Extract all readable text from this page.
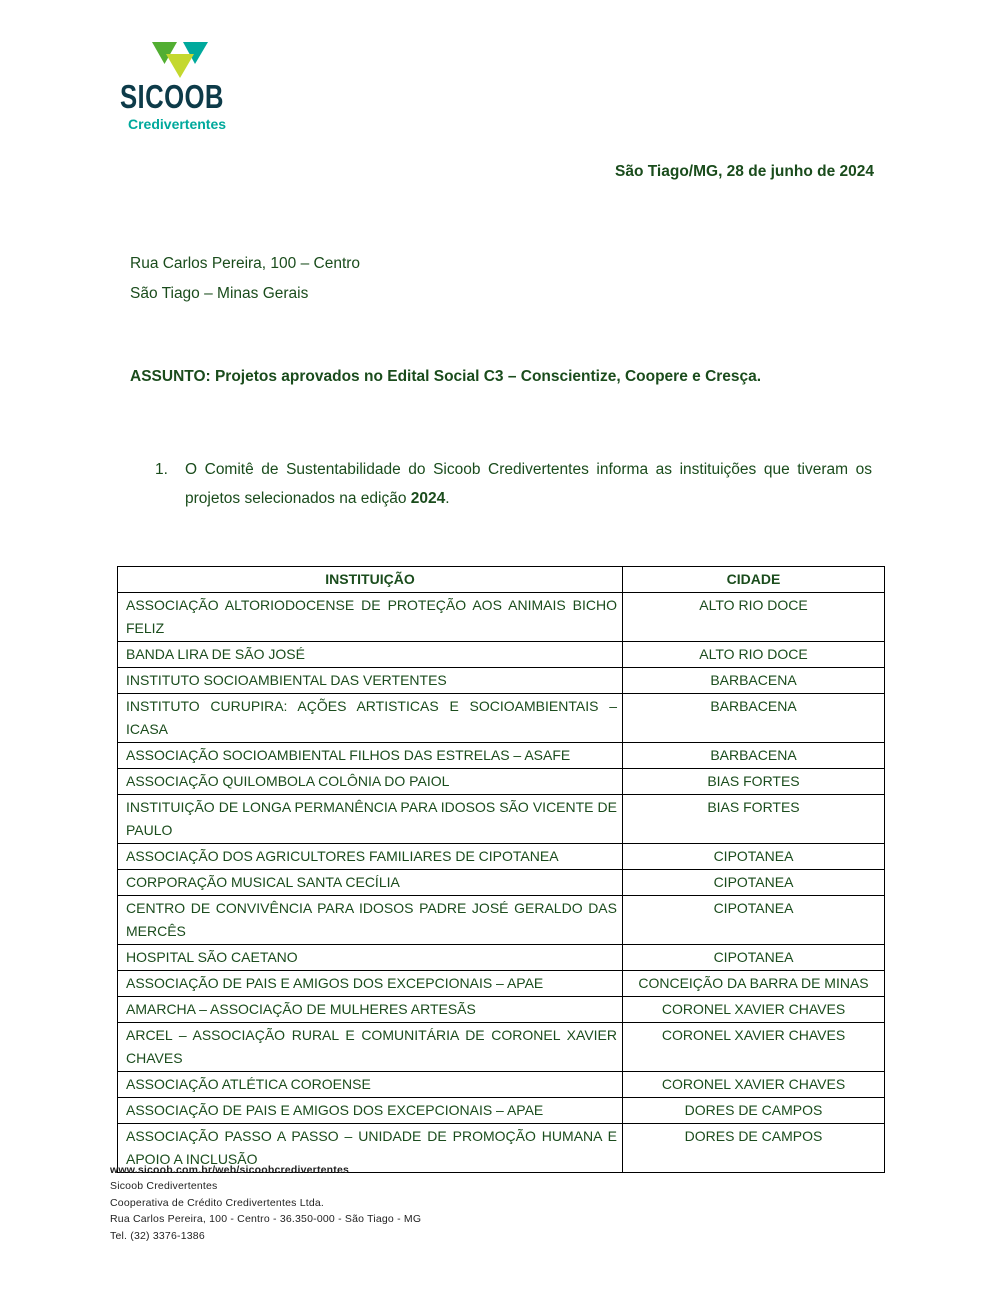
SICOOB
Credivertentes
São Tiago/MG, 28 de junho de 2024
Rua Carlos Pereira, 100 – Centro
São Tiago – Minas Gerais
ASSUNTO: Projetos aprovados no Edital Social C3 – Conscientize, Coopere e Cresça.
1.	O Comitê de Sustentabilidade do Sicoob Credivertentes informa as instituições que tiveram os projetos selecionados na edição 2024.
INSTITUIÇÃO	CIDADE
ASSOCIAÇÃO ALTORIODOCENSE DE PROTEÇÃO AOS ANIMAIS BICHO FELIZ	ALTO RIO DOCE
BANDA LIRA DE SÃO JOSÉ	ALTO RIO DOCE
INSTITUTO SOCIOAMBIENTAL DAS VERTENTES	BARBACENA
INSTITUTO CURUPIRA: AÇÕES ARTISTICAS E SOCIOAMBIENTAIS – ICASA	BARBACENA
ASSOCIAÇÃO SOCIOAMBIENTAL FILHOS DAS ESTRELAS – ASAFE	BARBACENA
ASSOCIAÇÃO QUILOMBOLA COLÔNIA DO PAIOL	BIAS FORTES
INSTITUIÇÃO DE LONGA PERMANÊNCIA PARA IDOSOS SÃO VICENTE DE PAULO	BIAS FORTES
ASSOCIAÇÃO DOS AGRICULTORES FAMILIARES DE CIPOTANEA	CIPOTANEA
CORPORAÇÃO MUSICAL SANTA CECÍLIA	CIPOTANEA
CENTRO DE CONVIVÊNCIA PARA IDOSOS PADRE JOSÉ GERALDO DAS MERCÊS	CIPOTANEA
HOSPITAL SÃO CAETANO	CIPOTANEA
ASSOCIAÇÃO DE PAIS E AMIGOS DOS EXCEPCIONAIS – APAE	CONCEIÇÃO DA BARRA DE MINAS
AMARCHA – ASSOCIAÇÃO DE MULHERES ARTESÃS	CORONEL XAVIER CHAVES
ARCEL – ASSOCIAÇÃO RURAL E COMUNITÁRIA DE CORONEL XAVIER CHAVES	CORONEL XAVIER CHAVES
ASSOCIAÇÃO ATLÉTICA COROENSE	CORONEL XAVIER CHAVES
ASSOCIAÇÃO DE PAIS E AMIGOS DOS EXCEPCIONAIS – APAE	DORES DE CAMPOS
ASSOCIAÇÃO PASSO A PASSO – UNIDADE DE PROMOÇÃO HUMANA E APOIO A INCLUSÃO	DORES DE CAMPOS
www.sicoob.com.br/web/sicoobcredivertentes
Sicoob Credivertentes
Cooperativa de Crédito Credivertentes Ltda.
Rua Carlos Pereira, 100 - Centro - 36.350-000 - São Tiago - MG
Tel. (32) 3376-1386
